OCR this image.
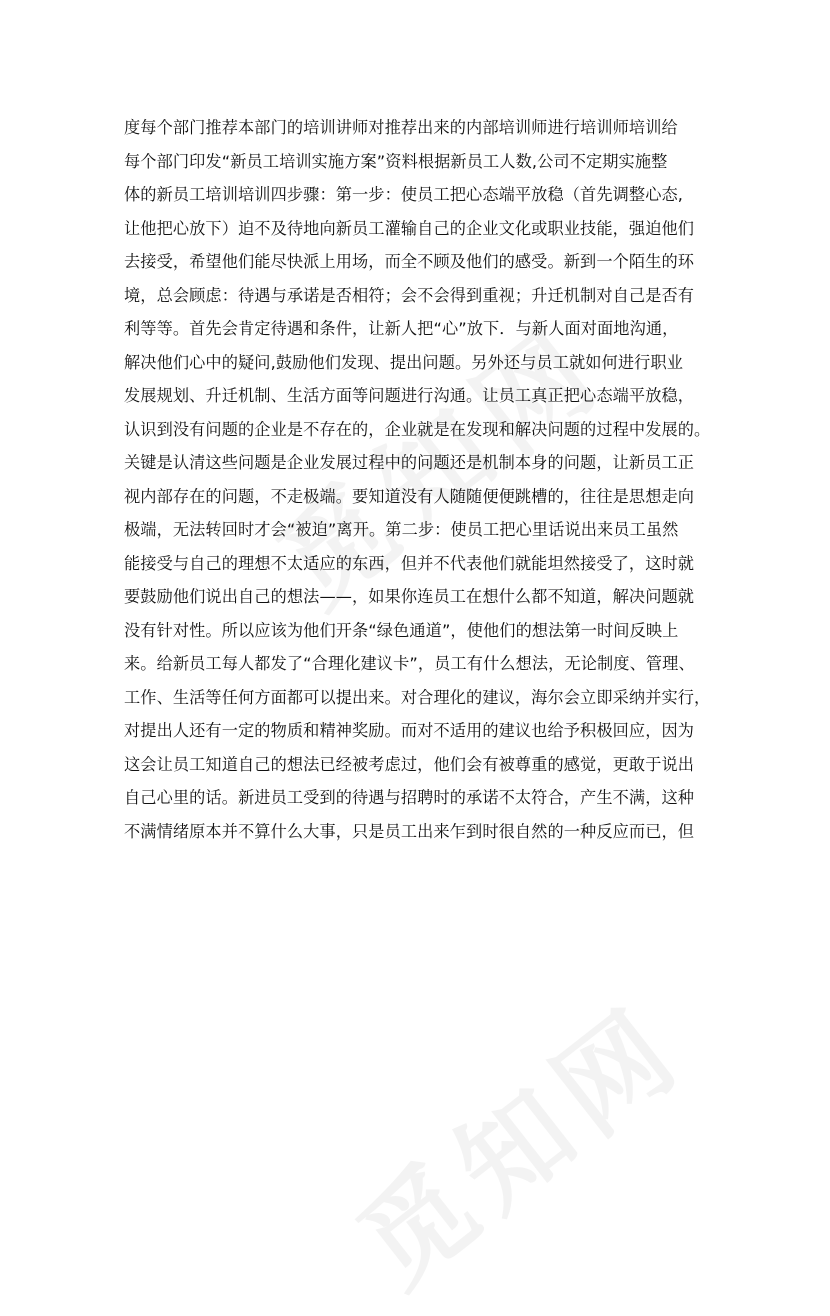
度每个部门推荐本部门的培训讲师对推荐出来的内部培训师进行培训师培训给
每个部门印发“新员工培训实施方案”资料根据新员工人数,公司不定期实施整
体的新员工培训培训四步骤：第一步：使员工把心态端平放稳（首先调整心态,
让他把心放下）迫不及待地向新员工灌输自己的企业文化或职业技能，强迫他们
去接受，希望他们能尽快派上用场，而全不顾及他们的感受。新到一个陌生的环
境，总会顾虑：待遇与承诺是否相符；会不会得到重视；升迁机制对自己是否有
利等等。首先会肯定待遇和条件，让新人把“心”放下．与新人面对面地沟通，
解决他们心中的疑问,鼓励他们发现、提出问题。另外还与员工就如何进行职业
发展规划、升迁机制、生活方面等问题进行沟通。让员工真正把心态端平放稳，
认识到没有问题的企业是不存在的，企业就是在发现和解决问题的过程中发展的。
关键是认清这些问题是企业发展过程中的问题还是机制本身的问题，让新员工正
视内部存在的问题，不走极端。要知道没有人随随便便跳槽的，往往是思想走向
极端，无法转回时才会“被迫”离开。第二步：使员工把心里话说出来员工虽然
能接受与自己的理想不太适应的东西，但并不代表他们就能坦然接受了，这时就
要鼓励他们说出自己的想法——，如果你连员工在想什么都不知道，解决问题就
没有针对性。所以应该为他们开条“绿色通道”，使他们的想法第一时间反映上
来。给新员工每人都发了“合理化建议卡”，员工有什么想法，无论制度、管理、
工作、生活等任何方面都可以提出来。对合理化的建议，海尔会立即采纳并实行，
对提出人还有一定的物质和精神奖励。而对不适用的建议也给予积极回应，因为
这会让员工知道自己的想法已经被考虑过，他们会有被尊重的感觉，更敢于说出
自己心里的话。新进员工受到的待遇与招聘时的承诺不太符合，产生不满，这种
不满情绪原本并不算什么大事，只是员工出来乍到时很自然的一种反应而已，但
